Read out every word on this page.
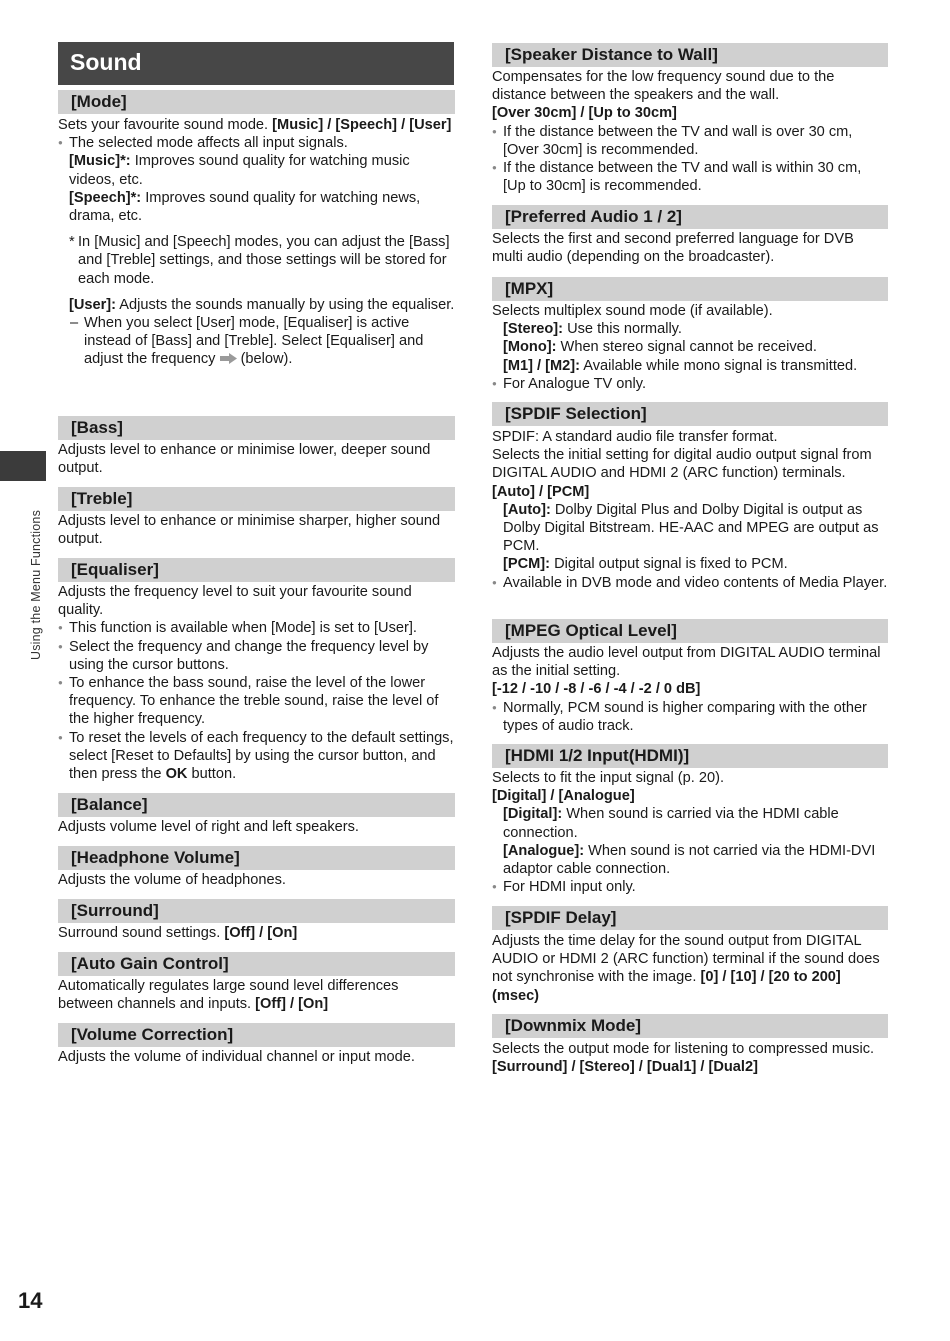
Using the Menu Functions
14
Sound
[Mode]

Sets your favourite sound mode. [Music] / [Speech] / [User]

● The selected mode affects all input signals.

[Music]*: Improves sound quality for watching music videos, etc.

[Speech]*: Improves sound quality for watching news, drama, etc.

* In [Music] and [Speech] modes, you can adjust the [Bass] and [Treble] settings, and those settings will be stored for each mode.

[User]: Adjusts the sounds manually by using the equaliser.

– When you select [User] mode, [Equaliser] is active instead of [Bass] and [Treble]. Select [Equaliser] and adjust the frequency (below).

[Bass]

Adjusts level to enhance or minimise lower, deeper sound output.

[Treble]

Adjusts level to enhance or minimise sharper, higher sound output.

[Equaliser]

Adjusts the frequency level to suit your favourite sound quality.

● This function is available when [Mode] is set to [User].

● Select the frequency and change the frequency level by using the cursor buttons.

● To enhance the bass sound, raise the level of the lower frequency. To enhance the treble sound, raise the level of the higher frequency.

● To reset the levels of each frequency to the default settings, select [Reset to Defaults] by using the cursor button, and then press the OK button.

[Balance]

Adjusts volume level of right and left speakers.

[Headphone Volume]

Adjusts the volume of headphones.

[Surround]

Surround sound settings. [Off] / [On]

[Auto Gain Control]

Automatically regulates large sound level differences between channels and inputs. [Off] / [On]

[Volume Correction]

Adjusts the volume of individual channel or input mode.

[Speaker Distance to Wall]

Compensates for the low frequency sound due to the distance between the speakers and the wall.

[Over 30cm] / [Up to 30cm]

● If the distance between the TV and wall is over 30 cm, [Over 30cm] is recommended.

● If the distance between the TV and wall is within 30 cm, [Up to 30cm] is recommended.

[Preferred Audio 1 / 2]

Selects the first and second preferred language for DVB multi audio (depending on the broadcaster).

[MPX]

Selects multiplex sound mode (if available).

[Stereo]: Use this normally.

[Mono]: When stereo signal cannot be received.

[M1] / [M2]: Available while mono signal is transmitted.

● For Analogue TV only.

[SPDIF Selection]

SPDIF: A standard audio file transfer format.

Selects the initial setting for digital audio output signal from DIGITAL AUDIO and HDMI 2 (ARC function) terminals. [Auto] / [PCM]

[Auto]: Dolby Digital Plus and Dolby Digital is output as Dolby Digital Bitstream. HE-AAC and MPEG are output as PCM.

[PCM]: Digital output signal is fixed to PCM.

● Available in DVB mode and video contents of Media Player.

[MPEG Optical Level]

Adjusts the audio level output from DIGITAL AUDIO terminal as the initial setting.

[-12 / -10 / -8 / -6 / -4 / -2 / 0 dB]

● Normally, PCM sound is higher comparing with the other types of audio track.

[HDMI 1/2 Input(HDMI)]

Selects to fit the input signal (p. 20).

[Digital] / [Analogue]

[Digital]: When sound is carried via the HDMI cable connection.

[Analogue]: When sound is not carried via the HDMI-DVI adaptor cable connection.

● For HDMI input only.

[SPDIF Delay]

Adjusts the time delay for the sound output from DIGITAL AUDIO or HDMI 2 (ARC function) terminal if the sound does not synchronise with the image. [0] / [10] / [20 to 200] (msec)

[Downmix Mode]

Selects the output mode for listening to compressed music. [Surround] / [Stereo] / [Dual1] / [Dual2]
